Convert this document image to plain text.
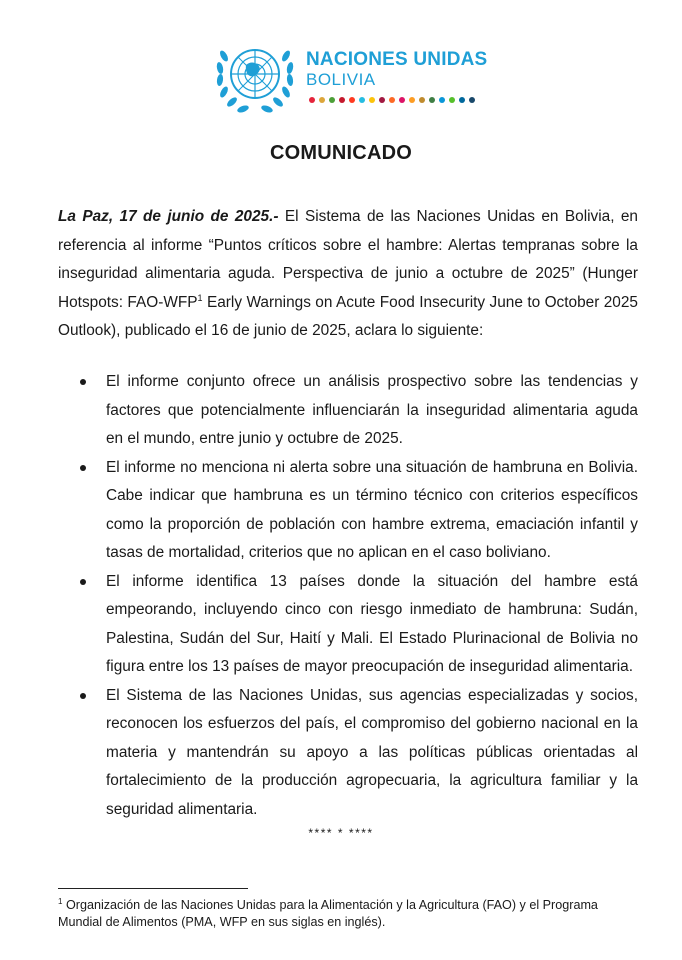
NACIONES UNIDAS
BOLIVIA
COMUNICADO

La Paz, 17 de junio de 2025.- El Sistema de las Naciones Unidas en Bolivia, en referencia al informe “Puntos críticos sobre el hambre: Alertas tempranas sobre la inseguridad alimentaria aguda. Perspectiva de junio a octubre de 2025” (Hunger Hotspots: FAO-WFP$^1$ Early Warnings on Acute Food Insecurity June to October 2025 Outlook), publicado el 16 de junio de 2025, aclara lo siguiente:

El informe conjunto ofrece un análisis prospectivo sobre las tendencias y factores que potencialmente influenciarán la inseguridad alimentaria aguda en el mundo, entre junio y octubre de 2025.
El informe no menciona ni alerta sobre una situación de hambruna en Bolivia. Cabe indicar que hambruna es un término técnico con criterios específicos como la proporción de población con hambre extrema, emaciación infantil y tasas de mortalidad, criterios que no aplican en el caso boliviano.
El informe identifica 13 países donde la situación del hambre está empeorando, incluyendo cinco con riesgo inmediato de hambruna: Sudán, Palestina, Sudán del Sur, Haití y Mali. El Estado Plurinacional de Bolivia no figura entre los 13 países de mayor preocupación de inseguridad alimentaria.
El Sistema de las Naciones Unidas, sus agencias especializadas y socios, reconocen los esfuerzos del país, el compromiso del gobierno nacional en la materia y mantendrán su apoyo a las políticas públicas orientadas al fortalecimiento de la producción agropecuaria, la agricultura familiar y la seguridad alimentaria.
**** * ****
$^1$ Organización de las Naciones Unidas para la Alimentación y la Agricultura (FAO) y el Programa Mundial de Alimentos (PMA, WFP en sus siglas en inglés).
